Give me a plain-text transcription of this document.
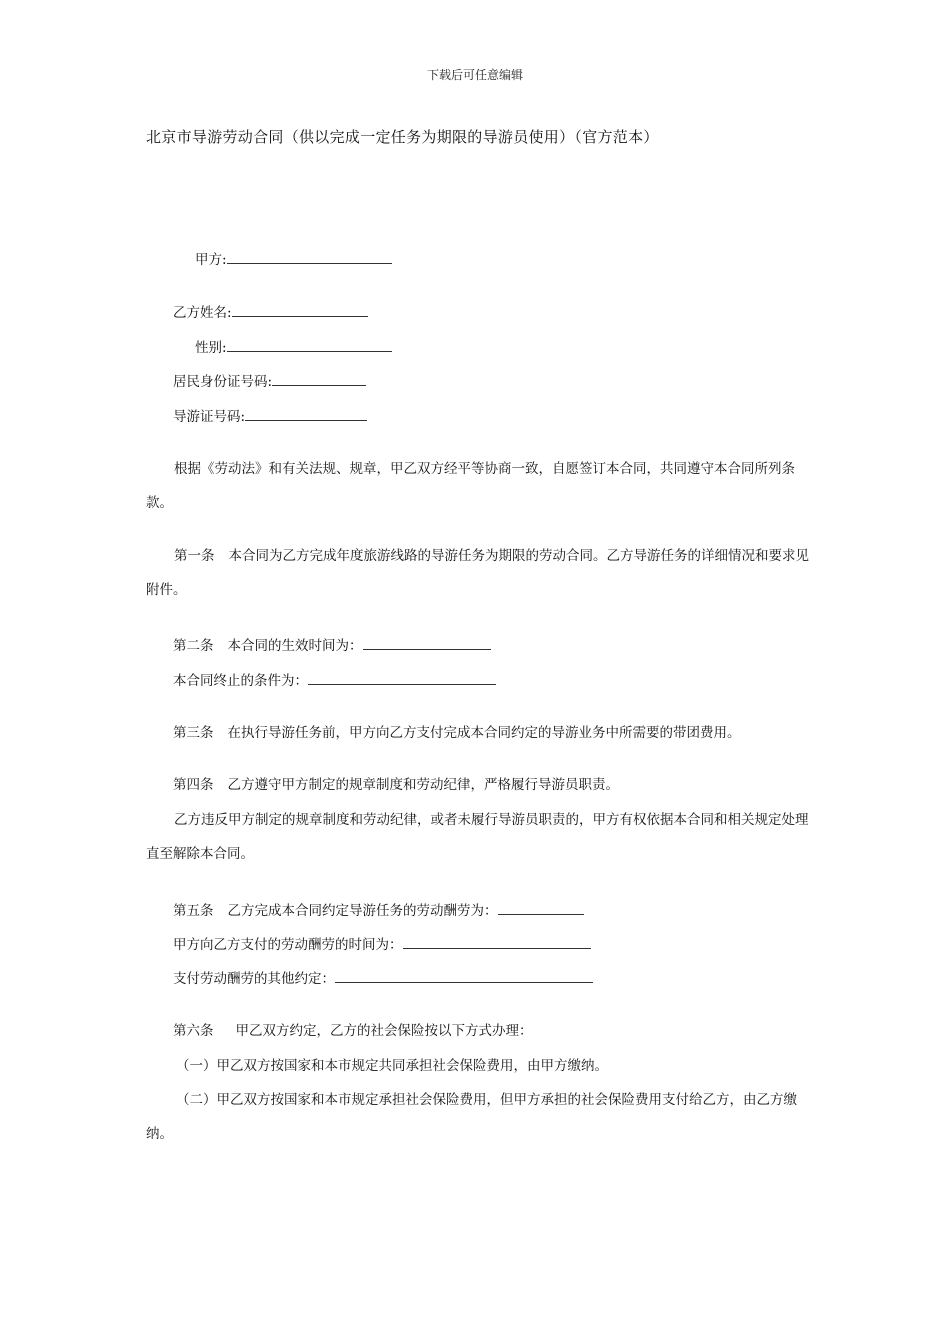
下载后可任意编辑
北京市导游劳动合同（供以完成一定任务为期限的导游员使用）（官方范本）
甲方:
乙方姓名:
性别:
居民身份证号码:
导游证号码:
根据《劳动法》和有关法规、规章，甲乙双方经平等协商一致，自愿签订本合同，共同遵守本合同所列条款。
第一条 本合同为乙方完成年度旅游线路的导游任务为期限的劳动合同。乙方导游任务的详细情况和要求见附件。
第二条 本合同的生效时间为：
本合同终止的条件为：
第三条 在执行导游任务前，甲方向乙方支付完成本合同约定的导游业务中所需要的带团费用。
第四条 乙方遵守甲方制定的规章制度和劳动纪律，严格履行导游员职责。
乙方违反甲方制定的规章制度和劳动纪律，或者未履行导游员职责的，甲方有权依据本合同和相关规定处理直至解除本合同。
第五条 乙方完成本合同约定导游任务的劳动酬劳为：
甲方向乙方支付的劳动酬劳的时间为：
支付劳动酬劳的其他约定：
第六条 甲乙双方约定，乙方的社会保险按以下方式办理：
（一）甲乙双方按国家和本市规定共同承担社会保险费用，由甲方缴纳。
（二）甲乙双方按国家和本市规定承担社会保险费用，但甲方承担的社会保险费用支付给乙方，由乙方缴纳。
